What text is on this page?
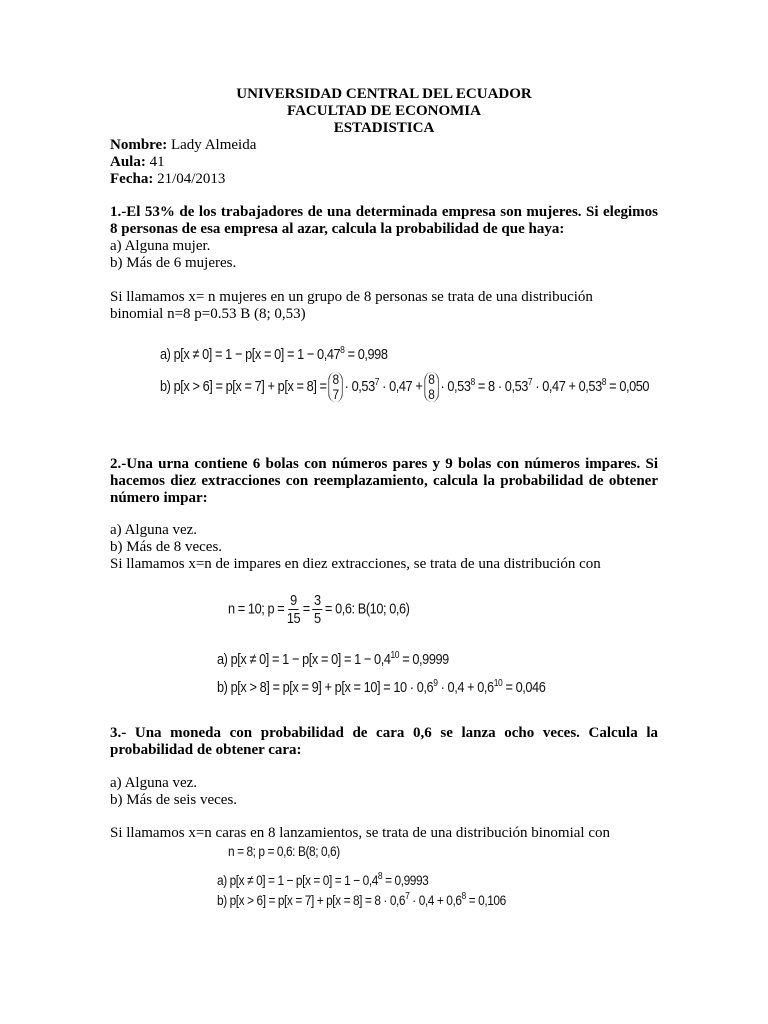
UNIVERSIDAD CENTRAL DEL ECUADOR
FACULTAD DE ECONOMIA
ESTADISTICA
Nombre: Lady Almeida
Aula: 41
Fecha: 21/04/2013
1.-El 53% de los trabajadores de una determinada empresa son mujeres. Si elegimos 8 personas de esa empresa al azar, calcula la probabilidad de que haya:
a) Alguna mujer.
b) Más de 6 mujeres.
Si llamamos x= n mujeres en un grupo de 8 personas se trata de una distribución
binomial n=8 p=0.53 B (8; 0,53)
a) $p[x \ne 0] = 1 - p[x = 0] = 1 - 0,47^8 = 0,998$
b) p[x > 6] = p[x = 7] + p[x = 8] = 8
$7 \cdot 0,53^7 \cdot 0,47 + 8$
$8 \cdot 0,53^8 = 8 \cdot 0,53^7 \cdot 0,47 + 0,53^8 = 0,050$
2.-Una urna contiene 6 bolas con números pares y 9 bolas con números impares. Si hacemos diez extracciones con reemplazamiento, calcula la probabilidad de obtener número impar:
a) Alguna vez.
b) Más de 8 veces.
Si llamamos x=n de impares en diez extracciones, se trata de una distribución con
n = 10; $p = \frac{9}{15} = \frac{3}{5} = 0,6$: B(10; 0,6)
a) $p[x \ne 0] = 1 - p[x = 0] = 1 - 0,4^{10} = 0,9999$
b) $p[x > 8] = p[x = 9] + p[x = 10] = 10 \cdot 0,6^9 \cdot 0,4 + 0,6^{10} = 0,046$
3.- Una moneda con probabilidad de cara 0,6 se lanza ocho veces. Calcula la probabilidad de obtener cara:
a) Alguna vez.
b) Más de seis veces.
Si llamamos x=n caras en 8 lanzamientos, se trata de una distribución binomial con
n = 8; p = 0,6: B(8; 0,6)
a) $p[x \ne 0] = 1 - p[x = 0] = 1 - 0,4^8 = 0,9993$
b) $p[x > 6] = p[x = 7] + p[x = 8] = 8 \cdot 0,6^7 \cdot 0,4 + 0,6^8 = 0,106$
